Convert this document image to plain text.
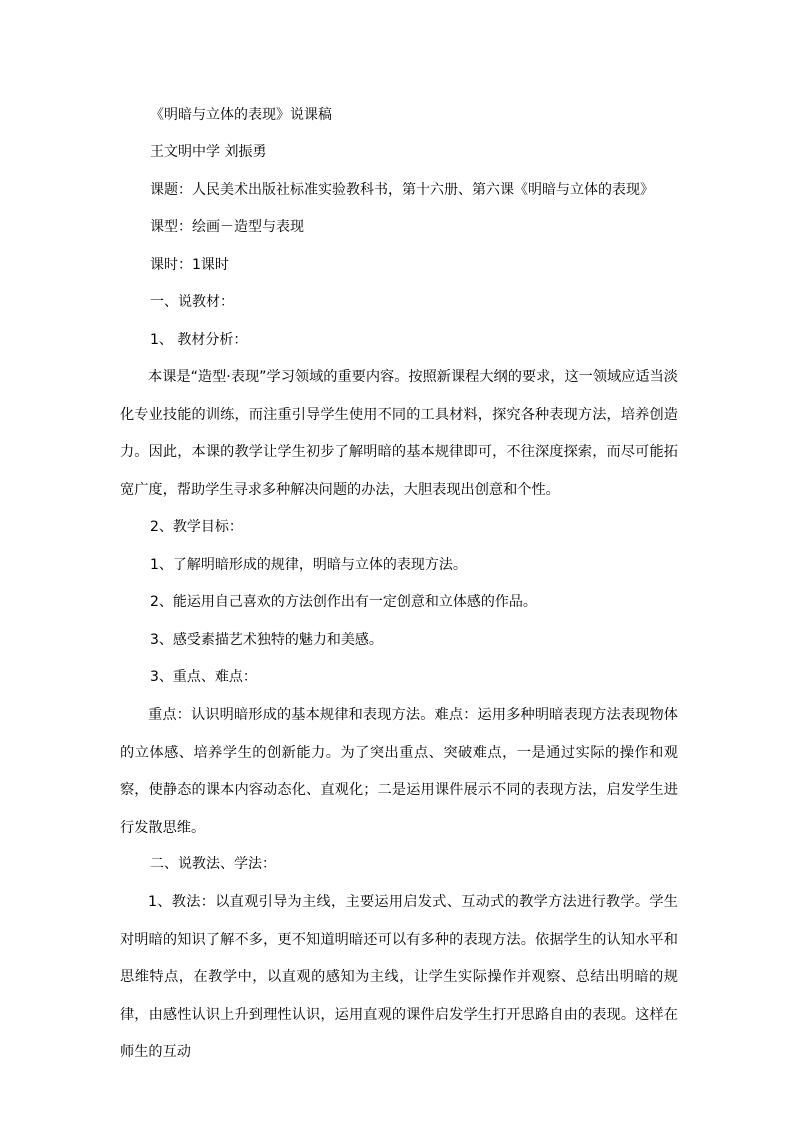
《明暗与立体的表现》说课稿
王文明中学 刘振勇
课题：人民美术出版社标准实验教科书，第十六册、第六课《明暗与立体的表现》
课型：绘画－造型与表现
课时：1课时
一、说教材：
1、 教材分析：

本课是“造型·表现”学习领域的重要内容。按照新课程大纲的要求，这一领域应适当淡化专业技能的训练，而注重引导学生使用不同的工具材料，探究各种表现方法，培养创造力。因此，本课的教学让学生初步了解明暗的基本规律即可，不往深度探索，而尽可能拓宽广度，帮助学生寻求多种解决问题的办法，大胆表现出创意和个性。

2、教学目标：
1、了解明暗形成的规律，明暗与立体的表现方法。
2、能运用自己喜欢的方法创作出有一定创意和立体感的作品。
3、感受素描艺术独特的魅力和美感。
3、重点、难点：

重点：认识明暗形成的基本规律和表现方法。难点：运用多种明暗表现方法表现物体的立体感、培养学生的创新能力。为了突出重点、突破难点，一是通过实际的操作和观察，使静态的课本内容动态化、直观化；二是运用课件展示不同的表现方法，启发学生进行发散思维。

二、说教法、学法：

1、教法：以直观引导为主线，主要运用启发式、互动式的教学方法进行教学。学生对明暗的知识了解不多，更不知道明暗还可以有多种的表现方法。依据学生的认知水平和思维特点，在教学中，以直观的感知为主线，让学生实际操作并观察、总结出明暗的规律，由感性认识上升到理性认识，运用直观的课件启发学生打开思路自由的表现。这样在师生的互动
